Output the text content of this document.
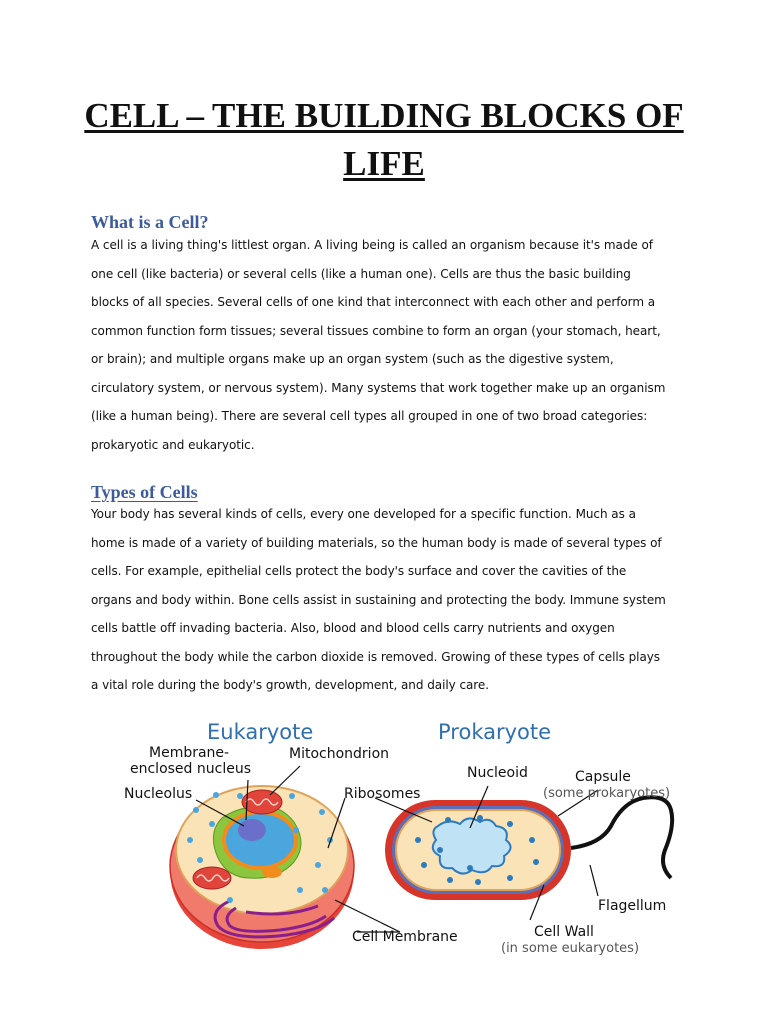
CELL – THE BUILDING BLOCKS OF LIFE
What is a Cell?
A cell is a living thing's littlest organ. A living being is called an organism because it's made of
one cell (like bacteria) or several cells (like a human one). Cells are thus the basic building
blocks of all species. Several cells of one kind that interconnect with each other and perform a
common function form tissues; several tissues combine to form an organ (your stomach, heart,
or brain); and multiple organs make up an organ system (such as the digestive system,
circulatory system, or nervous system). Many systems that work together make up an organism
(like a human being). There are several cell types all grouped in one of two broad categories:
prokaryotic and eukaryotic.
Types of Cells
Your body has several kinds of cells, every one developed for a specific function. Much as a
home is made of a variety of building materials, so the human body is made of several types of
cells. For example, epithelial cells protect the body's surface and cover the cavities of the
organs and body within. Bone cells assist in sustaining and protecting the body. Immune system
cells battle off invading bacteria. Also, blood and blood cells carry nutrients and oxygen
throughout the body while the carbon dioxide is removed. Growing of these types of cells plays
a vital role during the body's growth, development, and daily care.
Eukaryote	Prokaryote
Membrane- enclosed nucleus
Mitochondrion
Nucleolus	Ribosomes
Nucleoid	Capsule
(some prokaryotes)
Flagellum
Cell Wall
(in some eukaryotes)
Cell Membrane
